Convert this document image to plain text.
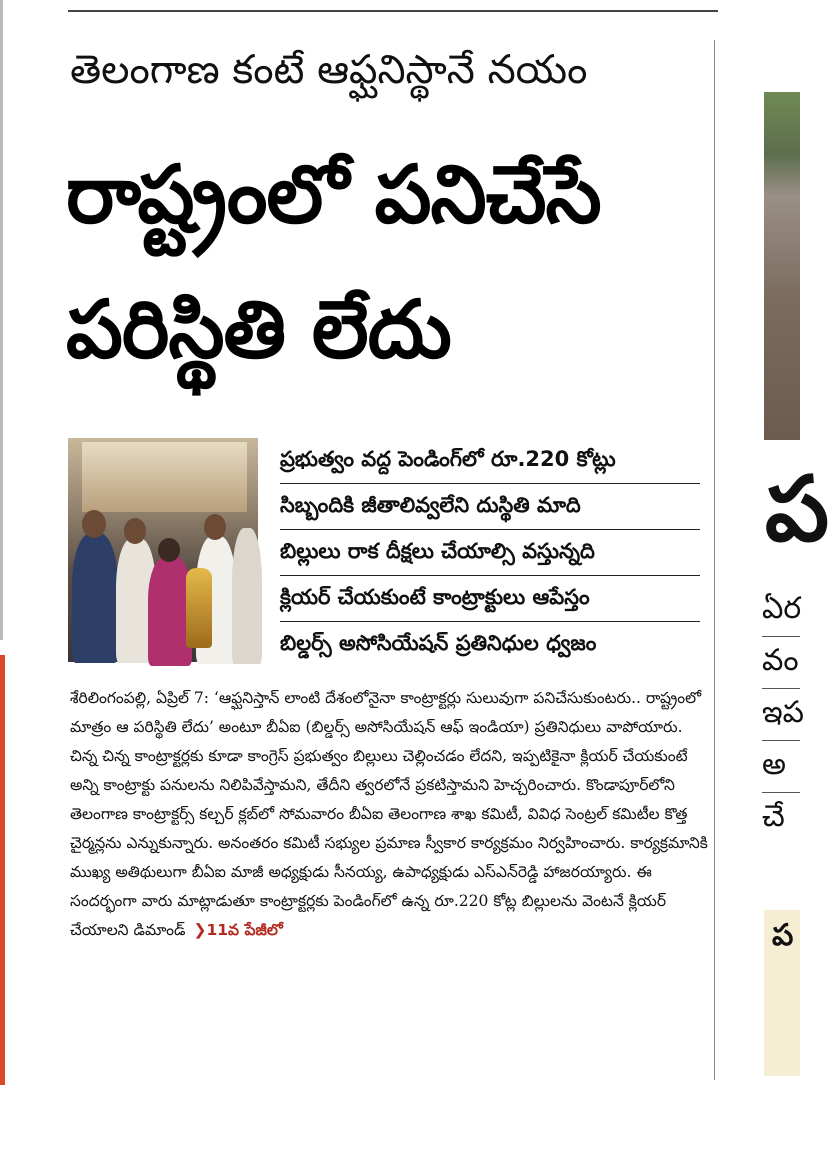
తెలంగాణ కంటే ఆఫ్ఘనిస్థానే నయం
రాష్ట్రంలో పనిచేసే
పరిస్థితి లేదు
ప్రభుత్వం వద్ద పెండింగ్‌లో రూ.220 కోట్లు
సిబ్బందికి జీతాలివ్వలేని దుస్థితి మాది
బిల్లులు రాక దీక్షలు చేయాల్సి వస్తున్నది
క్లియర్ చేయకుంటే కాంట్రాక్టులు ఆపేస్తం
బిల్డర్స్ అసోసియేషన్ ప్రతినిధుల ధ్వజం

శేరిలింగంపల్లి, ఏప్రిల్ 7: ‘ఆఫ్ఘనిస్తాన్ లాంటి దేశంలోనైనా కాంట్రాక్టర్లు సులువుగా పనిచేసుకుంటరు.. రాష్ట్రంలో మాత్రం ఆ పరిస్థితి లేదు’ అంటూ బీఏఐ (బిల్డర్స్ అసోసియేషన్ ఆఫ్ ఇండియా) ప్రతినిధులు వాపోయారు. చిన్న చిన్న కాంట్రాక్టర్లకు కూడా కాంగ్రెస్ ప్రభుత్వం బిల్లులు చెల్లించడం లేదని, ఇప్పటికైనా క్లియర్ చేయకుంటే అన్ని కాంట్రాక్టు పనులను నిలిపివేస్తామని, తేదీని త్వరలోనే ప్రకటిస్తామని హెచ్చరించారు. కొండాపూర్‌లోని తెలంగాణ కాంట్రాక్టర్స్ కల్చర్ క్లబ్‌లో సోమవారం బీఏఐ తెలంగాణ శాఖ కమిటీ, వివిధ సెంట్రల్ కమిటీల కొత్త చైర్మన్లను ఎన్నుకున్నారు. అనంతరం కమిటీ సభ్యుల ప్రమాణ స్వీకార కార్యక్రమం నిర్వహించారు. కార్యక్రమానికి ముఖ్య అతిథులుగా బీఏఐ మాజీ అధ్యక్షుడు సీనయ్య, ఉపాధ్యక్షుడు ఎస్ఎన్‌రెడ్డి హాజరయ్యారు. ఈ సందర్భంగా వారు మాట్లాడుతూ కాంట్రాక్టర్లకు పెండింగ్‌లో ఉన్న రూ.220 కోట్ల బిల్లులను వెంటనే క్లియర్ చేయాలని డిమాండ్ ❯11వ పేజీలో

ప
ఏర
వం
ఇప
అ
చే
ప
